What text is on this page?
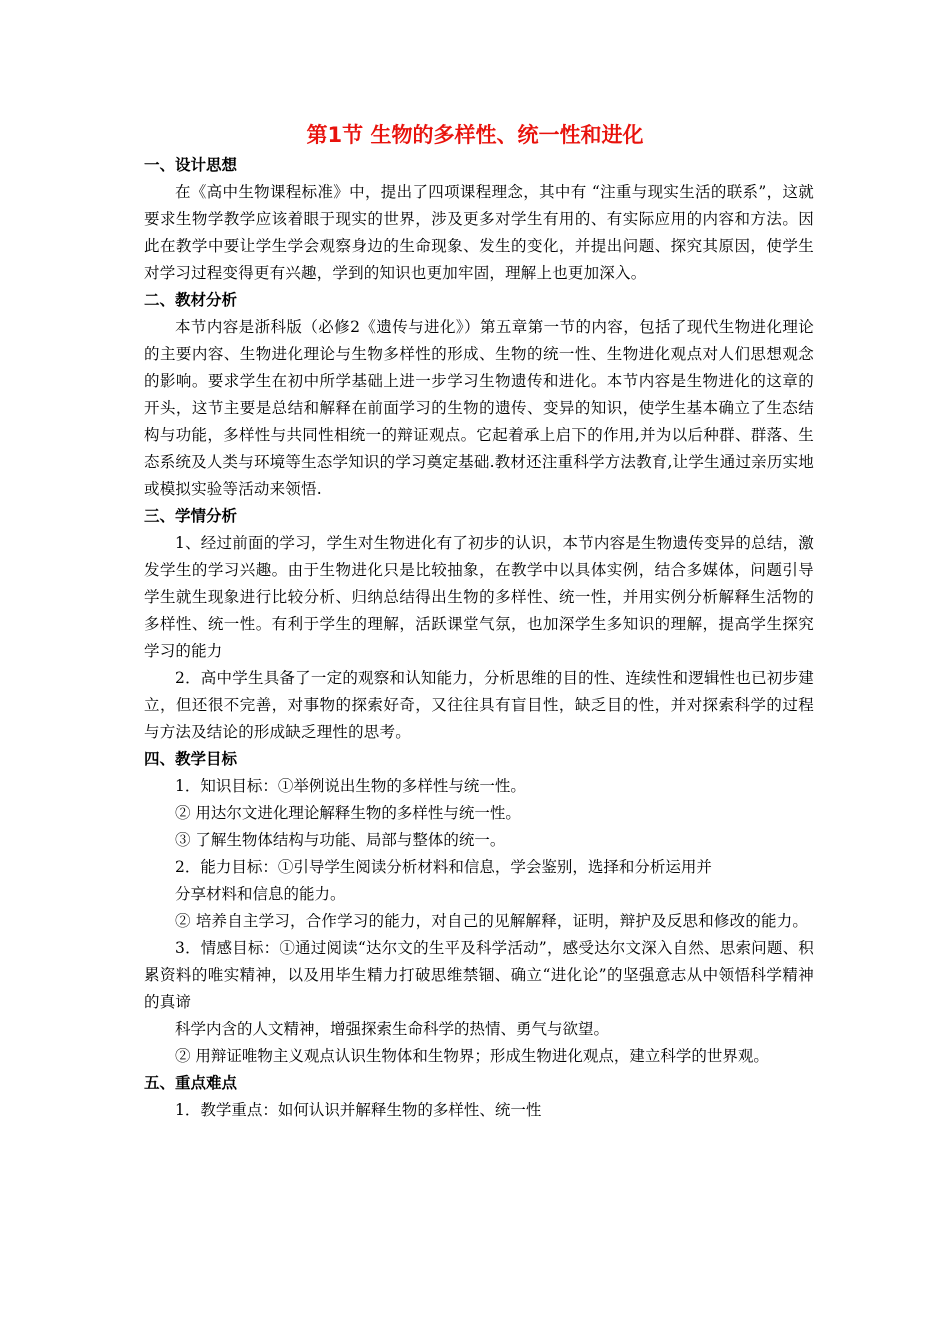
第1节 生物的多样性、统一性和进化
一、设计思想

在《高中生物课程标准》中，提出了四项课程理念，其中有 “注重与现实生活的联系”，这就要求生物学教学应该着眼于现实的世界，涉及更多对学生有用的、有实际应用的内容和方法。因此在教学中要让学生学会观察身边的生命现象、发生的变化，并提出问题、探究其原因，使学生对学习过程变得更有兴趣，学到的知识也更加牢固，理解上也更加深入。

二、教材分析

本节内容是浙科版（必修2《遗传与进化》）第五章第一节的内容，包括了现代生物进化理论的主要内容、生物进化理论与生物多样性的形成、生物的统一性、生物进化观点对人们思想观念的影响。要求学生在初中所学基础上进一步学习生物遗传和进化。本节内容是生物进化的这章的开头，这节主要是总结和解释在前面学习的生物的遗传、变异的知识，使学生基本确立了生态结构与功能，多样性与共同性相统一的辩证观点。它起着承上启下的作用,并为以后种群、群落、生态系统及人类与环境等生态学知识的学习奠定基础.教材还注重科学方法教育,让学生通过亲历实地或模拟实验等活动来领悟.

三、学情分析

1、经过前面的学习，学生对生物进化有了初步的认识，本节内容是生物遗传变异的总结，激发学生的学习兴趣。由于生物进化只是比较抽象，在教学中以具体实例，结合多媒体，问题引导学生就生现象进行比较分析、归纳总结得出生物的多样性、统一性，并用实例分析解释生活物的多样性、统一性。有利于学生的理解，活跃课堂气氛，也加深学生多知识的理解，提高学生探究学习的能力

2．高中学生具备了一定的观察和认知能力，分析思维的目的性、连续性和逻辑性也已初步建立，但还很不完善，对事物的探索好奇，又往往具有盲目性，缺乏目的性，并对探索科学的过程与方法及结论的形成缺乏理性的思考。

四、教学目标
1．知识目标：①举例说出生物的多样性与统一性。
② 用达尔文进化理论解释生物的多样性与统一性。
③ 了解生物体结构与功能、局部与整体的统一。
2．能力目标：①引导学生阅读分析材料和信息，学会鉴别，选择和分析运用并
分享材料和信息的能力。

② 培养自主学习，合作学习的能力，对自己的见解解释，证明，辩护及反思和修改的能力。

3．情感目标：①通过阅读“达尔文的生平及科学活动”，感受达尔文深入自然、思索问题、积累资料的唯实精神，以及用毕生精力打破思维禁锢、确立“进化论”的坚强意志从中领悟科学精神的真谛

科学内含的人文精神，增强探索生命科学的热情、勇气与欲望。
② 用辩证唯物主义观点认识生物体和生物界；形成生物进化观点，建立科学的世界观。
五、重点难点
1．教学重点：如何认识并解释生物的多样性、统一性
